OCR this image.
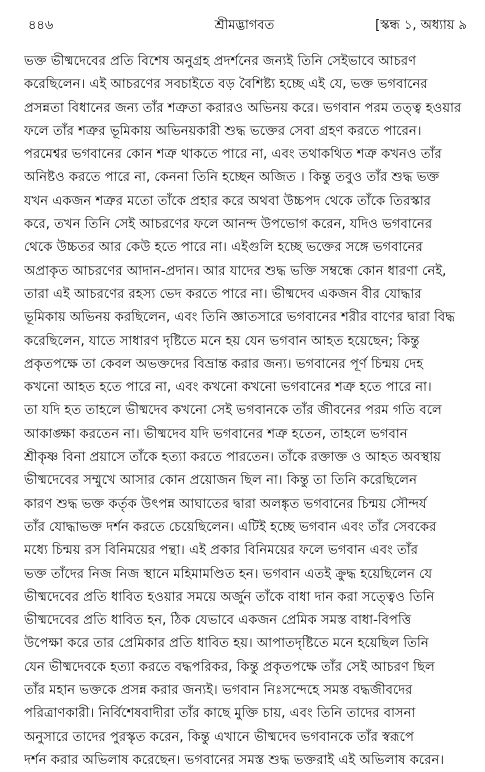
৪৪৬	শ্রীমদ্ভাগবত	[স্কন্ধ ১, অধ্যায় ৯
ভক্ত ভীষ্মদেবের প্রতি বিশেষ অনুগ্রহ প্রদর্শনের জন্যই তিনি সেইভাবে আচরণ
করেছিলেন। এই আচরণের সবচাইতে বড় বৈশিষ্ট্য হচ্ছে এই যে, ভক্ত ভগবানের
প্রসন্নতা বিধানের জন্য তাঁর শত্রুতা করারও অভিনয় করে। ভগবান পরম তত্ত্ব হওয়ার
ফলে তাঁর শত্রুর ভূমিকায় অভিনয়কারী শুদ্ধ ভক্তের সেবা গ্রহণ করতে পারেন।
পরমেশ্বর ভগবানের কোন শত্রু থাকতে পারে না, এবং তথাকথিত শত্রু কখনও তাঁর
অনিষ্টও করতে পারে না, কেননা তিনি হচ্ছেন অজিত । কিন্তু তবুও তাঁর শুদ্ধ ভক্ত
যখন একজন শত্রুর মতো তাঁকে প্রহার করে অথবা উচ্চপদ থেকে তাঁকে তিরস্কার
করে, তখন তিনি সেই আচরণের ফলে আনন্দ উপভোগ করেন, যদিও ভগবানের
থেকে উচ্চতর আর কেউ হতে পারে না। এইগুলি হচ্ছে ভক্তের সঙ্গে ভগবানের
অপ্রাকৃত আচরণের আদান-প্রদান। আর যাদের শুদ্ধ ভক্তি সম্বন্ধে কোন ধারণা নেই,
তারা এই আচরণের রহস্য ভেদ করতে পারে না। ভীষ্মদেব একজন বীর যোদ্ধার
ভূমিকায় অভিনয় করছিলেন, এবং তিনি জ্ঞাতসারে ভগবানের শরীর বাণের দ্বারা বিদ্ধ
করেছিলেন, যাতে সাধারণ দৃষ্টিতে মনে হয় যেন ভগবান আহত হয়েছেন; কিন্তু
প্রকৃতপক্ষে তা কেবল অভক্তদের বিভ্রান্ত করার জন্য। ভগবানের পূর্ণ চিন্ময় দেহ
কখনো আহত হতে পারে না, এবং কখনো কখনো ভগবানের শত্রু হতে পারে না।
তা যদি হত তাহলে ভীষ্মদেব কখনো সেই ভগবানকে তাঁর জীবনের পরম গতি বলে
আকাঙ্ক্ষা করতেন না। ভীষ্মদেব যদি ভগবানের শত্রু হতেন, তাহলে ভগবান
শ্রীকৃষ্ণ বিনা প্রয়াসে তাঁকে হত্যা করতে পারতেন। তাঁকে রক্তাক্ত ও আহত অবস্থায়
ভীষ্মদেবের সম্মুখে আসার কোন প্রয়োজন ছিল না। কিন্তু তা তিনি করেছিলেন
কারণ শুদ্ধ ভক্ত কর্তৃক উৎপন্ন আঘাতের দ্বারা অলঙ্কৃত ভগবানের চিন্ময় সৌন্দর্য
তাঁর যোদ্ধাভক্ত দর্শন করতে চেয়েছিলেন। এটিই হচ্ছে ভগবান এবং তাঁর সেবকের
মধ্যে চিন্ময় রস বিনিময়ের পন্থা। এই প্রকার বিনিময়ের ফলে ভগবান এবং তাঁর
ভক্ত তাঁদের নিজ নিজ স্থানে মহিমামণ্ডিত হন। ভগবান এতই ক্রুদ্ধ হয়েছিলেন যে
ভীষ্মদেবের প্রতি ধাবিত হওয়ার সময়ে অর্জুন তাঁকে বাধা দান করা সত্ত্বেও তিনি
ভীষ্মদেবের প্রতি ধাবিত হন, ঠিক যেভাবে একজন প্রেমিক সমস্ত বাধা-বিপত্তি
উপেক্ষা করে তার প্রেমিকার প্রতি ধাবিত হয়। আপাতদৃষ্টিতে মনে হয়েছিল তিনি
যেন ভীষ্মদেবকে হত্যা করতে বদ্ধপরিকর, কিন্তু প্রকৃতপক্ষে তাঁর সেই আচরণ ছিল
তাঁর মহান ভক্তকে প্রসন্ন করার জন্যই। ভগবান নিঃসন্দেহে সমস্ত বদ্ধজীবদের
পরিত্রাণকারী। নির্বিশেষবাদীরা তাঁর কাছে মুক্তি চায়, এবং তিনি তাদের বাসনা
অনুসারে তাদের পুরস্কৃত করেন, কিন্তু এখানে ভীষ্মদেব ভগবানকে তাঁর স্বরূপে
দর্শন করার অভিলাষ করেছেন। ভগবানের সমস্ত শুদ্ধ ভক্তরাই এই অভিলাষ করেন।
